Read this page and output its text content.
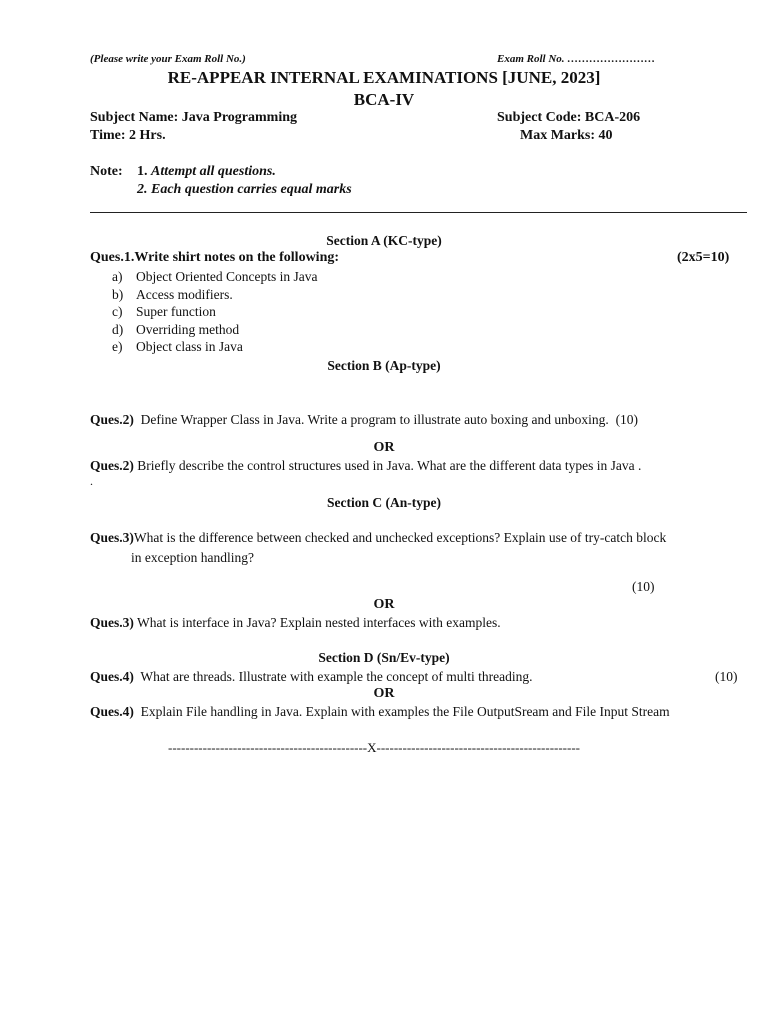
(Please write your Exam Roll No.)	Exam Roll No. ……………………
RE-APPEAR INTERNAL EXAMINATIONS [JUNE, 2023]
BCA-IV
Subject Name: Java Programming	Subject Code: BCA-206
Time: 2 Hrs.	Max Marks: 40
Note: 1. Attempt all questions.
2. Each question carries equal marks
Section A (KC-type)
Ques.1.Write shirt notes on the following:	(2x5=10)
a) Object Oriented Concepts in Java
b) Access modifiers.
c) Super function
d) Overriding method
e) Object class in Java
Section B (Ap-type)
Ques.2) Define Wrapper Class in Java. Write a program to illustrate auto boxing and unboxing. (10)
OR
Ques.2) Briefly describe the control structures used in Java. What are the different data types in Java .
.
Section C (An-type)
Ques.3)What is the difference between checked and unchecked exceptions? Explain use of try-catch block
in exception handling?
(10)
OR
Ques.3) What is interface in Java? Explain nested interfaces with examples.
Section D (Sn/Ev-type)
Ques.4) What are threads. Illustrate with example the concept of multi threading.	(10)
OR
Ques.4) Explain File handling in Java. Explain with examples the File OutputSream and File Input Stream
----------------------------------------------X-----------------------------------------------
